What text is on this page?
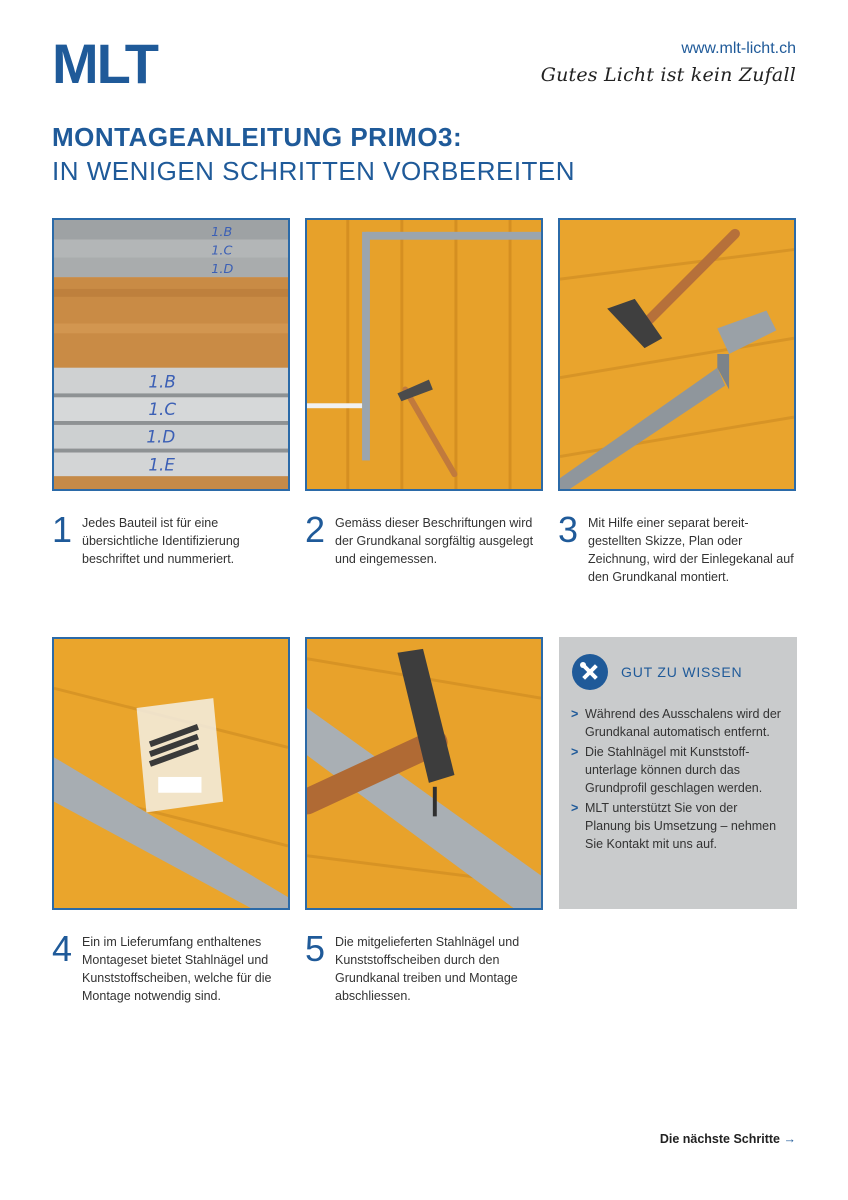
MLT	www.mlt-licht.ch
Gutes Licht ist kein Zufall
MONTAGEANLEITUNG PRIMO3:
IN WENIGEN SCHRITTEN VORBEREITEN
1.B
1.C
1.D
1.B
1.C
1.D
1.E
1 Jedes Bauteil ist für eine übersichtliche Identifizierung beschriftet und nummeriert.
2 Gemäss dieser Beschriftungen wird der Grundkanal sorgfältig ausgelegt und eingemessen.
3 Mit Hilfe einer separat bereit-gestellten Skizze, Plan oder Zeichnung, wird der Einlegekanal auf den Grundkanal montiert.
4 Ein im Lieferumfang enthaltenes Montageset bietet Stahlnägel und Kunststoffscheiben, welche für die Montage notwendig sind.
5 Die mitgelieferten Stahlnägel und Kunststoffscheiben durch den Grundkanal treiben und Montage abschliessen.
GUT ZU WISSEN
> Während des Ausschalens wird der Grundkanal automatisch entfernt.
> Die Stahlnägel mit Kunststoff-unterlage können durch das Grundprofil geschlagen werden.
> MLT unterstützt Sie von der Planung bis Umsetzung – nehmen Sie Kontakt mit uns auf.
Die nächste Schritte →
